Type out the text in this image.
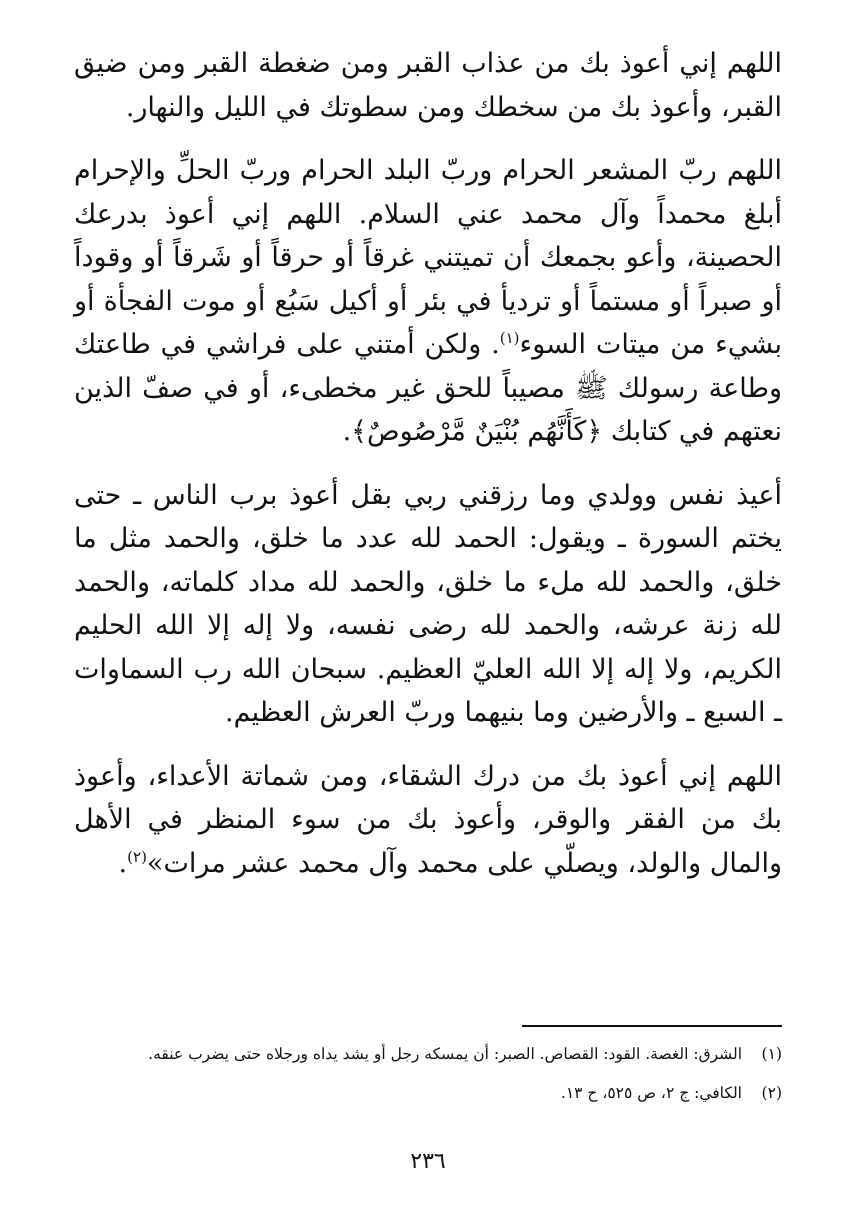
اللهم إني أعوذ بك من عذاب القبر ومن ضغطة القبر ومن ضيق القبر، وأعوذ بك من سخطك ومن سطوتك في الليل والنهار.

اللهم ربّ المشعر الحرام وربّ البلد الحرام وربّ الحلِّ والإحرام أبلغ محمداً وآل محمد عني السلام. اللهم إني أعوذ بدرعك الحصينة، وأعو بجمعك أن تميتني غرقاً أو حرقاً أو شَرقاً أو وقوداً أو صبراً أو مستماً أو ترديأ في بئر أو أكيل سَبُع أو موت الفجأة أو بشيء من ميتات السوء$^{(١)}$. ولكن أمتني على فراشي في طاعتك وطاعة رسولك ﷺ مصيباً للحق غير مخطىء، أو في صفّ الذين نعتهم في كتابك ﴿كَأَنَّهُم بُنْيَنٌ مَّرْصُوصٌ﴾.

أعيذ نفس وولدي وما رزقني ربي بقل أعوذ برب الناس ـ حتى يختم السورة ـ ويقول: الحمد لله عدد ما خلق، والحمد مثل ما خلق، والحمد لله ملء ما خلق، والحمد لله مداد كلماته، والحمد لله زنة عرشه، والحمد لله رضى نفسه، ولا إله إلا الله الحليم الكريم، ولا إله إلا الله العليّ العظيم. سبحان الله رب السماوات ـ السبع ـ والأرضين وما بنيهما وربّ العرش العظيم.

اللهم إني أعوذ بك من درك الشقاء، ومن شماتة الأعداء، وأعوذ بك من الفقر والوقر، وأعوذ بك من سوء المنظر في الأهل والمال والولد، ويصلّي على محمد وآل محمد عشر مرات»$^{(٢)}$.

(١)
الشرق: الغصة. القود: القصاص. الصبر: أن يمسكه رجل أو يشد يداه ورجلاه حتى يضرب عنقه.
(٢)
الكافي: ج ٢، ص ٥٢٥، ح ١٣.
٢٣٦
